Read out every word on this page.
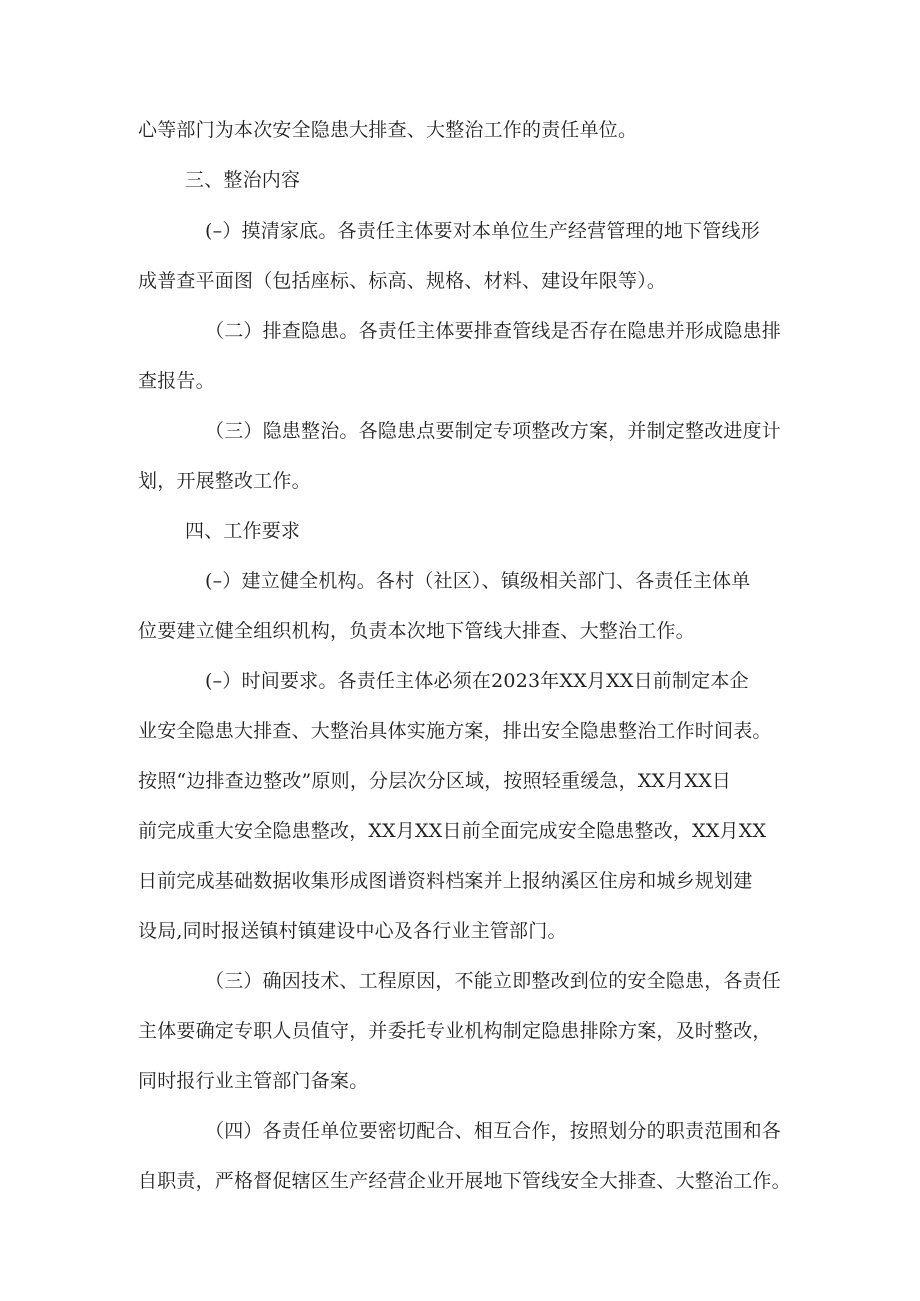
心等部门为本次安全隐患大排查、大整治工作的责任单位。
三、整治内容
(–）摸清家底。各责任主体要对本单位生产经营管理的地下管线形
成普查平面图（包括座标、标高、规格、材料、建设年限等）。
（二）排查隐患。各责任主体要排查管线是否存在隐患并形成隐患排
查报告。
（三）隐患整治。各隐患点要制定专项整改方案，并制定整改进度计
划，开展整改工作。
四、工作要求
(–）建立健全机构。各村（社区）、镇级相关部门、各责任主体单
位要建立健全组织机构，负责本次地下管线大排查、大整治工作。
(–）时间要求。各责任主体必须在2023年XX月XX日前制定本企
业安全隐患大排查、大整治具体实施方案，排出安全隐患整治工作时间表。
按照“边排查边整改”原则，分层次分区域，按照轻重缓急，XX月XX日
前完成重大安全隐患整改，XX月XX日前全面完成安全隐患整改，XX月XX
日前完成基础数据收集形成图谱资料档案并上报纳溪区住房和城乡规划建
设局,同时报送镇村镇建设中心及各行业主管部门。
（三）确因技术、工程原因，不能立即整改到位的安全隐患，各责任
主体要确定专职人员值守，并委托专业机构制定隐患排除方案，及时整改，
同时报行业主管部门备案。
（四）各责任单位要密切配合、相互合作，按照划分的职责范围和各
自职责，严格督促辖区生产经营企业开展地下管线安全大排查、大整治工作。
